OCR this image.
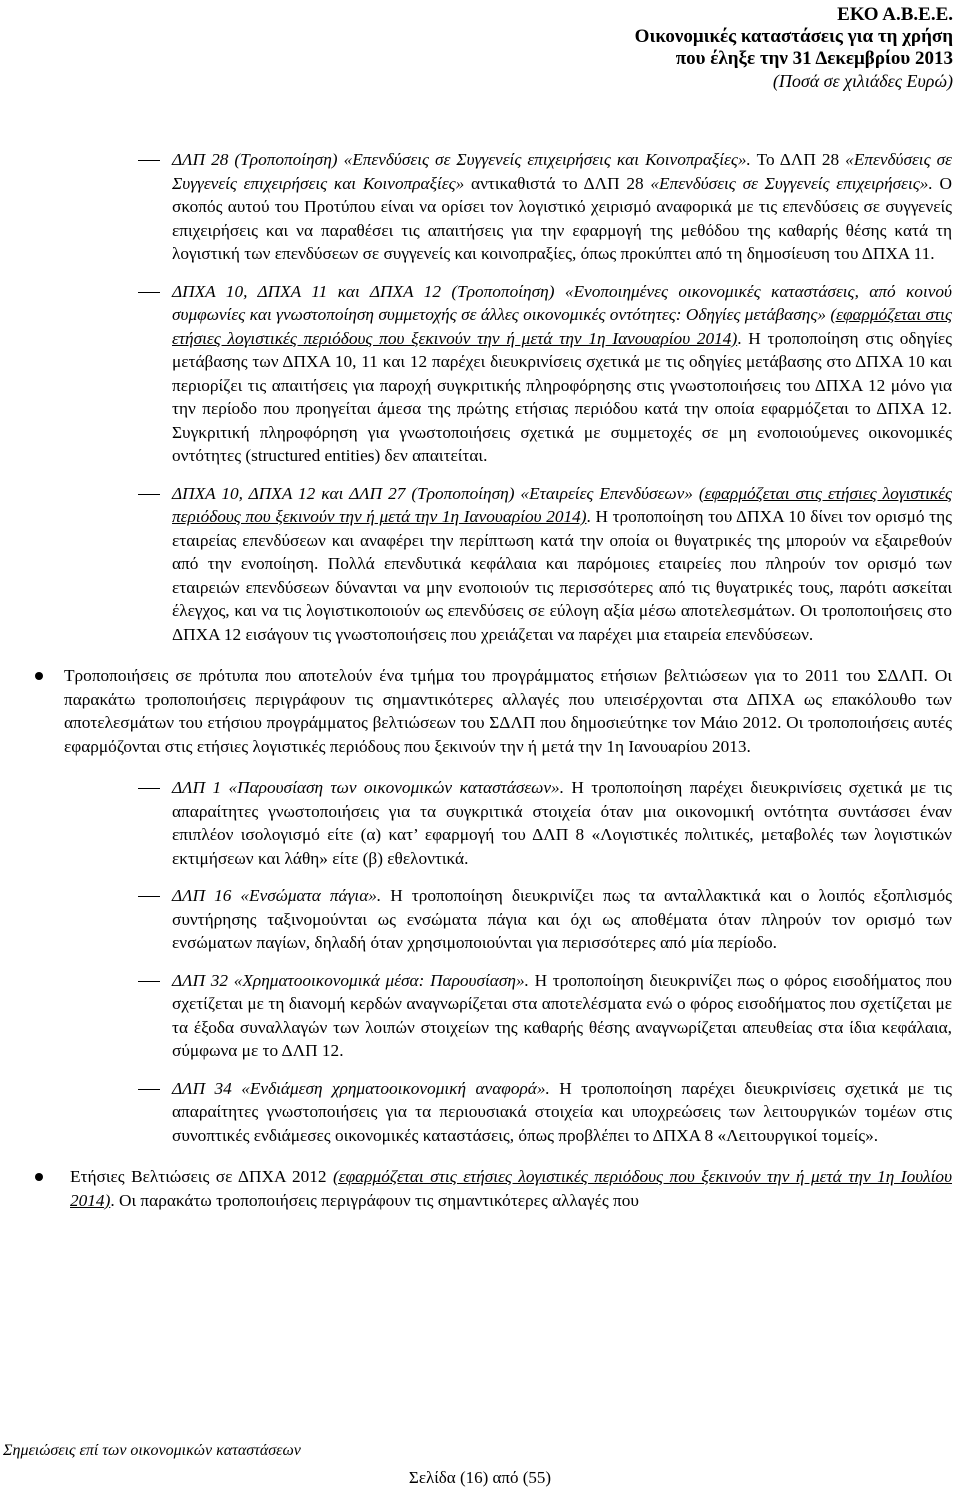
ΕΚΟ Α.Β.Ε.Ε.
Οικονομικές καταστάσεις για τη χρήση
που έληξε την 31 Δεκεμβρίου 2013
(Ποσά σε χιλιάδες Ευρώ)
ΔΛΠ 28 (Τροποποίηση) «Επενδύσεις σε Συγγενείς επιχειρήσεις και Κοινοπραξίες». Το ΔΛΠ 28 «Επενδύσεις σε Συγγενείς επιχειρήσεις και Κοινοπραξίες» αντικαθιστά το ΔΛΠ 28 «Επενδύσεις σε Συγγενείς επιχειρήσεις». Ο σκοπός αυτού του Προτύπου είναι να ορίσει τον λογιστικό χειρισμό αναφορικά με τις επενδύσεις σε συγγενείς επιχειρήσεις και να παραθέσει τις απαιτήσεις για την εφαρμογή της μεθόδου της καθαρής θέσης κατά τη λογιστική των επενδύσεων σε συγγενείς και κοινοπραξίες, όπως προκύπτει από τη δημοσίευση του ΔΠΧΑ 11.
ΔΠΧΑ 10, ΔΠΧΑ 11 και ΔΠΧΑ 12 (Τροποποίηση) «Ενοποιημένες οικονομικές καταστάσεις, από κοινού συμφωνίες και γνωστοποίηση συμμετοχής σε άλλες οικονομικές οντότητες: Οδηγίες μετάβασης» (εφαρμόζεται στις ετήσιες λογιστικές περιόδους που ξεκινούν την ή μετά την 1η Ιανουαρίου 2014). Η τροποποίηση στις οδηγίες μετάβασης των ΔΠΧΑ 10, 11 και 12 παρέχει διευκρινίσεις σχετικά με τις οδηγίες μετάβασης στο ΔΠΧΑ 10 και περιορίζει τις απαιτήσεις για παροχή συγκριτικής πληροφόρησης στις γνωστοποιήσεις του ΔΠΧΑ 12 μόνο για την περίοδο που προηγείται άμεσα της πρώτης ετήσιας περιόδου κατά την οποία εφαρμόζεται το ΔΠΧΑ 12. Συγκριτική πληροφόρηση για γνωστοποιήσεις σχετικά με συμμετοχές σε μη ενοποιούμενες οικονομικές οντότητες (structured entities) δεν απαιτείται.
ΔΠΧΑ 10, ΔΠΧΑ 12 και ΔΛΠ 27 (Τροποποίηση) «Εταιρείες Επενδύσεων» (εφαρμόζεται στις ετήσιες λογιστικές περιόδους που ξεκινούν την ή μετά την 1η Ιανουαρίου 2014). Η τροποποίηση του ΔΠΧΑ 10 δίνει τον ορισμό της εταιρείας επενδύσεων και αναφέρει την περίπτωση κατά την οποία οι θυγατρικές της μπορούν να εξαιρεθούν από την ενοποίηση. Πολλά επενδυτικά κεφάλαια και παρόμοιες εταιρείες που πληρούν τον ορισμό των εταιρειών επενδύσεων δύνανται να μην ενοποιούν τις περισσότερες από τις θυγατρικές τους, παρότι ασκείται έλεγχος, και να τις λογιστικοποιούν ως επενδύσεις σε εύλογη αξία μέσω αποτελεσμάτων. Οι τροποποιήσεις στο ΔΠΧΑ 12 εισάγουν τις γνωστοποιήσεις που χρειάζεται να παρέχει μια εταιρεία επενδύσεων.
Τροποποιήσεις σε πρότυπα που αποτελούν ένα τμήμα του προγράμματος ετήσιων βελτιώσεων για το 2011 του ΣΔΛΠ. Οι παρακάτω τροποποιήσεις περιγράφουν τις σημαντικότερες αλλαγές που υπεισέρχονται στα ΔΠΧΑ ως επακόλουθο των αποτελεσμάτων του ετήσιου προγράμματος βελτιώσεων του ΣΔΛΠ που δημοσιεύτηκε τον Μάιο 2012. Οι τροποποιήσεις αυτές εφαρμόζονται στις ετήσιες λογιστικές περιόδους που ξεκινούν την ή μετά την 1η Ιανουαρίου 2013.
ΔΛΠ 1 «Παρουσίαση των οικονομικών καταστάσεων». Η τροποποίηση παρέχει διευκρινίσεις σχετικά με τις απαραίτητες γνωστοποιήσεις για τα συγκριτικά στοιχεία όταν μια οικονομική οντότητα συντάσσει έναν επιπλέον ισολογισμό είτε (α) κατ’ εφαρμογή του ΔΛΠ 8 «Λογιστικές πολιτικές, μεταβολές των λογιστικών εκτιμήσεων και λάθη» είτε (β) εθελοντικά.
ΔΛΠ 16 «Ενσώματα πάγια». Η τροποποίηση διευκρινίζει πως τα ανταλλακτικά και ο λοιπός εξοπλισμός συντήρησης ταξινομούνται ως ενσώματα πάγια και όχι ως αποθέματα όταν πληρούν τον ορισμό των ενσώματων παγίων, δηλαδή όταν χρησιμοποιούνται για περισσότερες από μία περίοδο.
ΔΛΠ 32 «Χρηματοοικονομικά μέσα: Παρουσίαση». Η τροποποίηση διευκρινίζει πως ο φόρος εισοδήματος που σχετίζεται με τη διανομή κερδών αναγνωρίζεται στα αποτελέσματα ενώ ο φόρος εισοδήματος που σχετίζεται με τα έξοδα συναλλαγών των λοιπών στοιχείων της καθαρής θέσης αναγνωρίζεται απευθείας στα ίδια κεφάλαια, σύμφωνα με το ΔΛΠ 12.
ΔΛΠ 34 «Ενδιάμεση χρηματοοικονομική αναφορά». Η τροποποίηση παρέχει διευκρινίσεις σχετικά με τις απαραίτητες γνωστοποιήσεις για τα περιουσιακά στοιχεία και υποχρεώσεις των λειτουργικών τομέων στις συνοπτικές ενδιάμεσες οικονομικές καταστάσεις, όπως προβλέπει το ΔΠΧΑ 8 «Λειτουργικοί τομείς».
Ετήσιες Βελτιώσεις σε ΔΠΧΑ 2012 (εφαρμόζεται στις ετήσιες λογιστικές περιόδους που ξεκινούν την ή μετά την 1η Ιουλίου 2014). Οι παρακάτω τροποποιήσεις περιγράφουν τις σημαντικότερες αλλαγές που
Σημειώσεις επί των οικονομικών καταστάσεων
Σελίδα (16) από (55)
